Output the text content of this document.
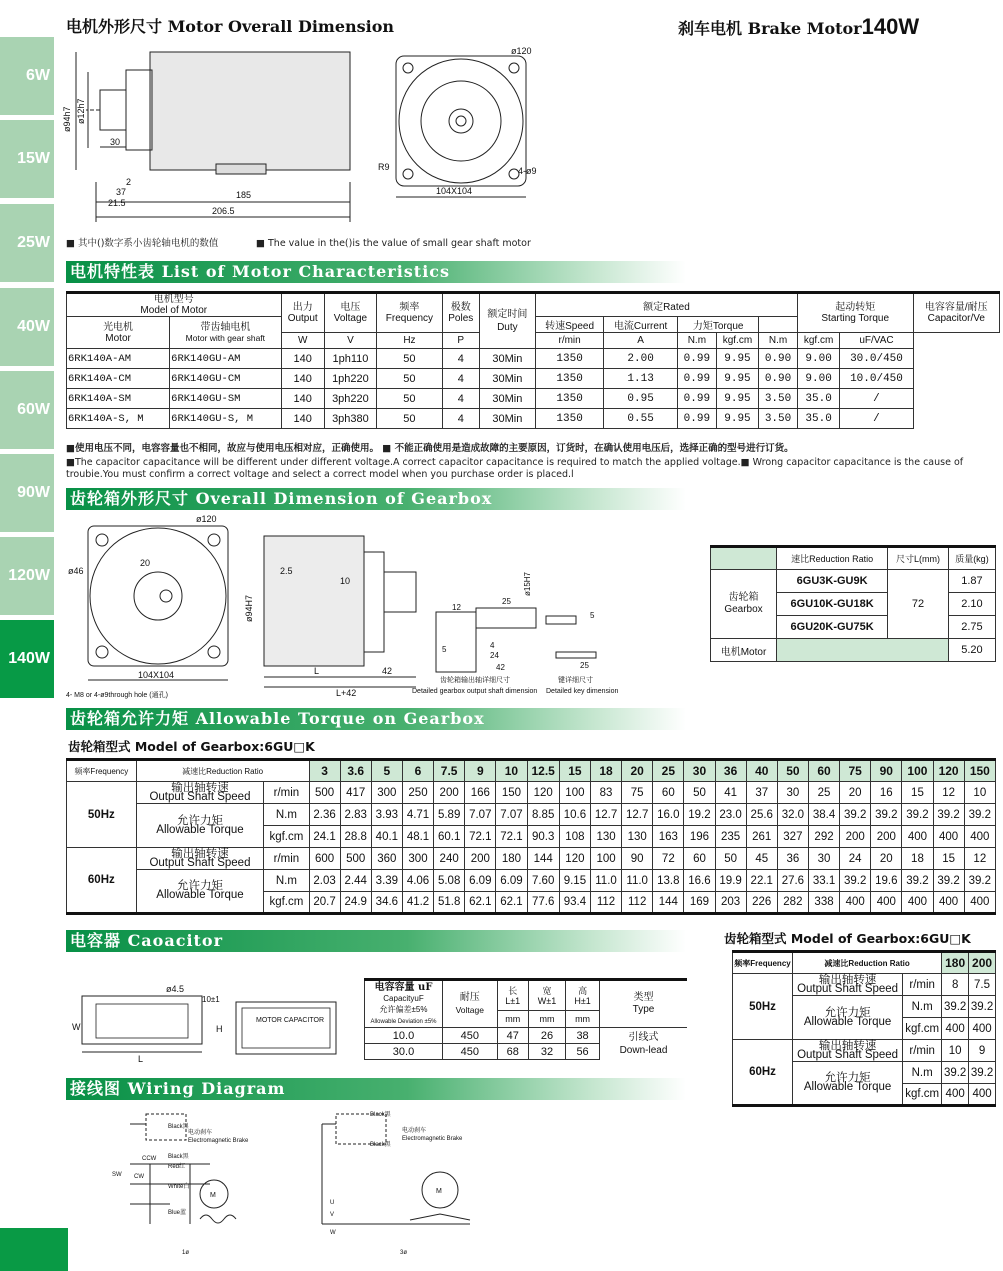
电机外形尺寸 Motor Overall Dimension	刹车电机 Brake Motor140W
6W
15W
25W
40W
60W
90W
120W
140W
ø94h7 ø12h7
30
2
37
21.5
185
206.5
ø120
R9	4-ø9
104X104
■ 其中()数字系小齿轮轴电机的数值	■ The value in the()is the value of small gear shaft motor
电机特性表 List of Motor Characteristics
电机型号
Model of Motor		出力
Output	电压
Voltage	频率
Frequency	极数
Poles	额定时间
Duty	额定Rated					起动转矩
Starting Torque		电容容量/耐压
Capacitor/Ve
光电机
Motor	带齿轴电机
Motor with gear shaft						转速Speed	电流Current	力矩Torque					
		W	V	Hz	P		r/min	A	N.m	kgf.cm	N.m	kgf.cm	uF/VAC	
6RK140A-AM	6RK140GU-AM	140	1ph110	50	4	30Min	1350	2.00	0.99	9.95	0.90	9.00	30.0/450	
6RK140A-CM	6RK140GU-CM	140	1ph220	50	4	30Min	1350	1.13	0.99	9.95	0.90	9.00	10.0/450	
6RK140A-SM	6RK140GU-SM	140	3ph220	50	4	30Min	1350	0.95	0.99	9.95	3.50	35.0	/	
6RK140A-S, M	6RK140GU-S, M	140	3ph380	50	4	30Min	1350	0.55	0.99	9.95	3.50	35.0	/	
■使用电压不同，电容容量也不相同，故应与使用电压相对应，正确使用。 ■ 不能正确使用是造成故障的主要原因，订货时，在确认使用电压后，选择正确的型号进行订货。
■The capacitor capacitance will be different under different voltage.A correct capacitor capacitance is required to match the applied voltage.■ Wrong capacitor capacitance is the cause of troubie.You must confirm a correct voltage and select a correct model when you purchase order is placed.l
齿轮箱外形尺寸 Overall Dimension of Gearbox
ø120
20
ø46	2.5
10
ø94H7
104X104	L
L+42
42
4- M8 or 4-ø9through hole (通孔)
12
25
ø15H7
5	4
24
42
5
25
齿轮箱输出轴详细尺寸
Detailed gearbox output shaft dimension
键详细尺寸
Detailed key dimension
	速比Reduction Ratio	尺寸L(mm)	质量(kg)
齿轮箱
Gearbox	6GU3K-GU9K	72	1.87
	6GU10K-GU18K		2.10
	6GU20K-GU75K		2.75
电机Motor			5.20
齿轮箱允许力矩 Allowable Torque on Gearbox
齿轮箱型式 Model of Gearbox:6GU□K
频率Frequency	减速比Reduction Ratio		3	3.6	5	6	7.5	9	10	12.5	15	18	20	25	30	36	40	50	60	75	90	100	120	150
50Hz	输出轴转速
Output Shaft Speed	r/min	500	417	300	250	200	166	150	120	100	83	75	60	50	41	37	30	25	20	16	15	12	10
	允许力矩
Allowable Torque	N.m	2.36	2.83	3.93	4.71	5.89	7.07	7.07	8.85	10.6	12.7	12.7	16.0	19.2	23.0	25.6	32.0	38.4	39.2	39.2	39.2	39.2	39.2
		kgf.cm	24.1	28.8	40.1	48.1	60.1	72.1	72.1	90.3	108	130	130	163	196	235	261	327	292	200	200	400	400	400
60Hz	输出轴转速
Output Shaft Speed	r/min	600	500	360	300	240	200	180	144	120	100	90	72	60	50	45	36	30	24	20	18	15	12
	允许力矩
Allowable Torque	N.m	2.03	2.44	3.39	4.06	5.08	6.09	6.09	7.60	9.15	11.0	11.0	13.8	16.6	19.9	22.1	27.6	33.1	39.2	19.6	39.2	39.2	39.2
		kgf.cm	20.7	24.9	34.6	41.2	51.8	62.1	62.1	77.6	93.4	112	112	144	169	203	226	282	338	400	400	400	400	400
电容器 Caoacitor
ø4.5
10±1
W	H
MOTOR CAPACITOR
L
电容容量 uF
CapacityuF
允许偏差±5%
Allowable Deviation ±5%	耐压
Voltage	长
L±1	宽
W±1	高
H±1	类型
Type
		mm	mm	mm	
10.0	450	47	26	38	引线式
Down-lead
30.0	450	68	32	56	
齿轮箱型式 Model of Gearbox:6GU□K
频率Frequency	减速比Reduction Ratio		180	200
50Hz	输出轴转速
Output Shaft Speed	r/min	8	7.5
	允许力矩
Allowable Torque	N.m	39.2	39.2
		kgf.cm	400	400
60Hz	输出轴转速
Output Shaft Speed	r/min	10	9
	允许力矩
Allowable Torque	N.m	39.2	39.2
		kgf.cm	400	400
接线图 Wiring Diagram
Black黑
电动刹车
Electromagnetic Brake
Black黑
CCW
Red红
CW
White白
M
Blue蓝
SW
1ø
Black黑
电动刹车
Electromagnetic Brake
Black黑
M
U
V
W
3ø
